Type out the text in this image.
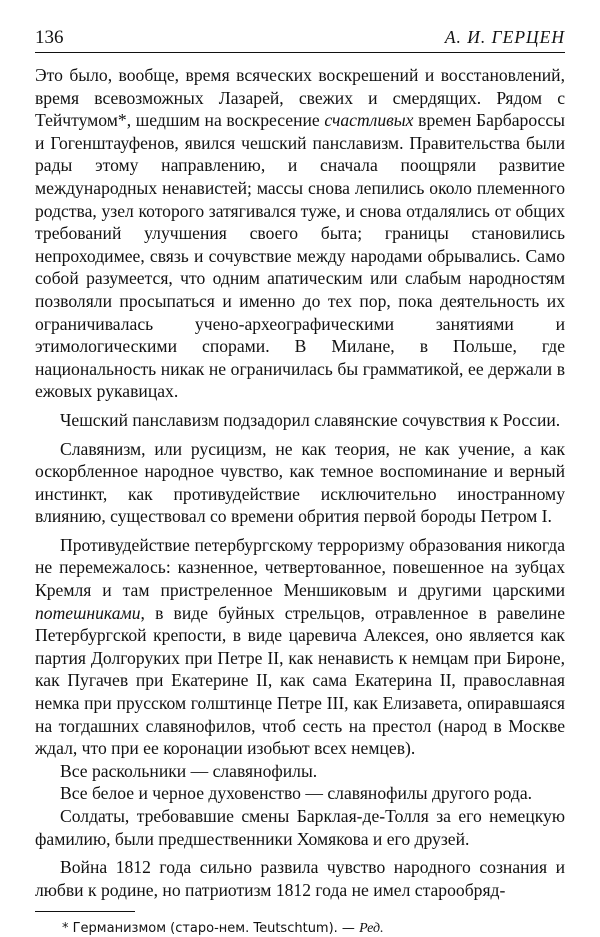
136	А. И. ГЕРЦЕН

Это было, вообще, время всяческих воскрешений и восстановлений, время всевозможных Лазарей, свежих и смердящих. Рядом с Тейчтумом*, шедшим на воскресение счастливых времен Барбароссы и Гогенштауфенов, явился чешский панславизм. Правительства были рады этому направлению, и сначала поощряли развитие международных ненавистей; массы снова лепились около племенного родства, узел которого затягивался туже, и снова отдалялись от общих требований улучшения своего быта; границы становились непроходимее, связь и сочувствие между народами обрывались. Само собой разумеется, что одним апатическим или слабым народностям позволяли просыпаться и именно до тех пор, пока деятельность их ограничивалась учено-археографическими занятиями и этимологическими спорами. В Милане, в Польше, где национальность никак не ограничилась бы грамматикой, ее держали в ежовых рукавицах.

Чешский панславизм подзадорил славянские сочувствия к России.

Славянизм, или русицизм, не как теория, не как учение, а как оскорбленное народное чувство, как темное воспоминание и верный инстинкт, как противудействие исключительно иностранному влиянию, существовал со времени обрития первой бороды Петром I.

Противудействие петербургскому терроризму образования никогда не перемежалось: казненное, четвертованное, повешенное на зубцах Кремля и там пристреленное Меншиковым и другими царскими потешниками, в виде буйных стрельцов, отравленное в равелине Петербургской крепости, в виде царевича Алексея, оно является как партия Долгоруких при Петре II, как ненависть к немцам при Бироне, как Пугачев при Екатерине II, как сама Екатерина II, православная немка при прусском голштинце Петре III, как Елизавета, опиравшаяся на тогдашних славянофилов, чтоб сесть на престол (народ в Москве ждал, что при ее коронации изобьют всех немцев).

Все раскольники — славянофилы.

Все белое и черное духовенство — славянофилы другого рода.

Солдаты, требовавшие смены Барклая-де-Толля за его немецкую фамилию, были предшественники Хомякова и его друзей.

Война 1812 года сильно развила чувство народного сознания и любви к родине, но патриотизм 1812 года не имел старообряд-

* Германизмом (старо-нем. Teutschtum). — Ред.
